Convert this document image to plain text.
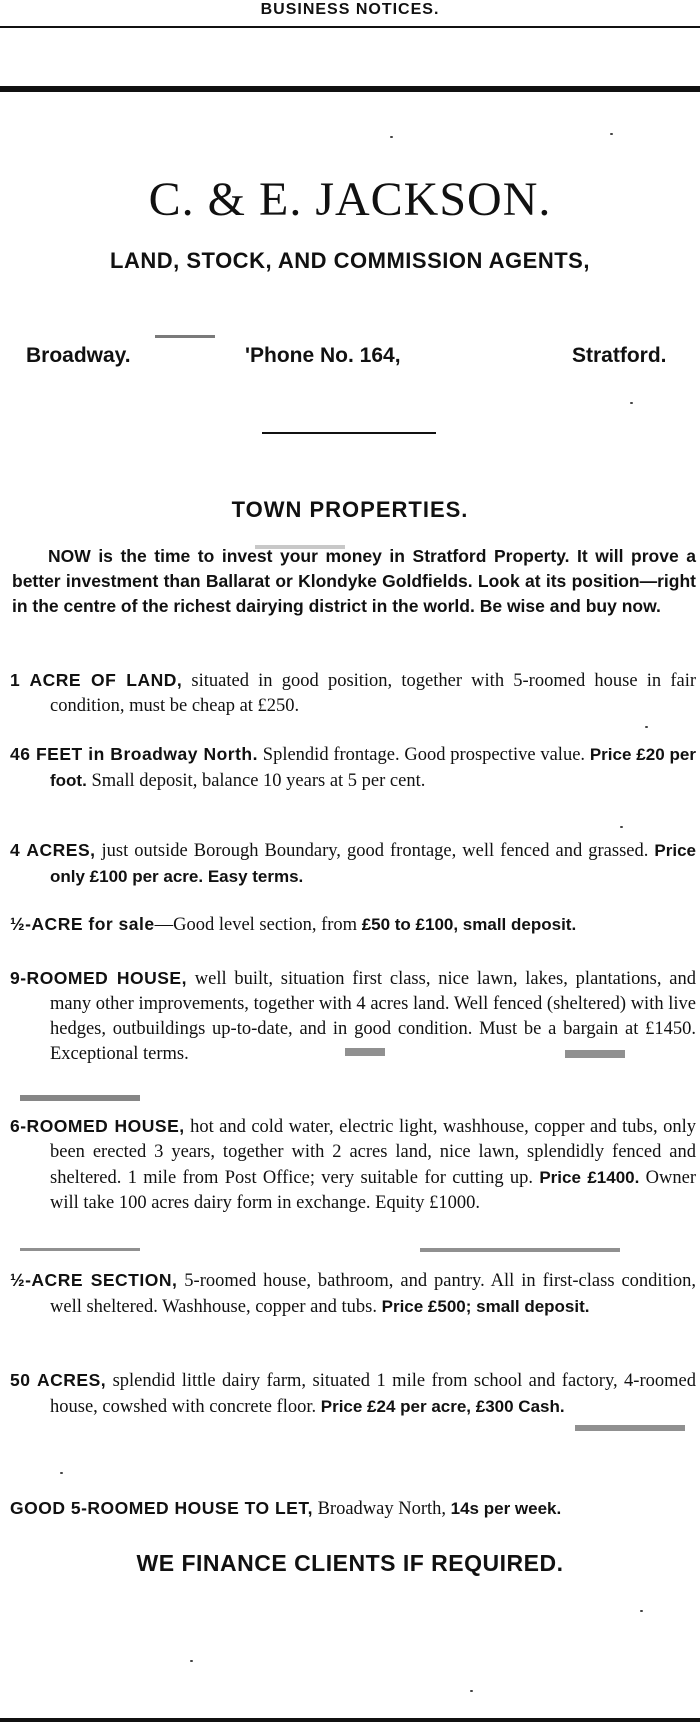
BUSINESS NOTICES.
C. & E. JACKSON.
LAND, STOCK, AND COMMISSION AGENTS,
Broadway.	'Phone No. 164,	Stratford.
TOWN PROPERTIES.

NOW is the time to invest your money in Stratford Property. It will prove a better investment than Ballarat or Klondyke Goldfields. Look at its position—right in the centre of the richest dairying district in the world. Be wise and buy now.

1 ACRE OF LAND, situated in good position, together with 5-roomed house in fair condition, must be cheap at £250.

46 FEET in Broadway North. Splendid frontage. Good prospective value. Price £20 per foot. Small deposit, balance 10 years at 5 per cent.

4 ACRES, just outside Borough Boundary, good frontage, well fenced and grassed. Price only £100 per acre. Easy terms.

½-ACRE for sale—Good level section, from £50 to £100, small deposit.

9-ROOMED HOUSE, well built, situation first class, nice lawn, lakes, plantations, and many other improvements, together with 4 acres land. Well fenced (sheltered) with live hedges, outbuildings up-to-date, and in good condition. Must be a bargain at £1450. Exceptional terms.

6-ROOMED HOUSE, hot and cold water, electric light, washhouse, copper and tubs, only been erected 3 years, together with 2 acres land, nice lawn, splendidly fenced and sheltered. 1 mile from Post Office; very suitable for cutting up. Price £1400. Owner will take 100 acres dairy form in exchange. Equity £1000.

½-ACRE SECTION, 5-roomed house, bathroom, and pantry. All in first-class condition, well sheltered. Washhouse, copper and tubs. Price £500; small deposit.

50 ACRES, splendid little dairy farm, situated 1 mile from school and factory, 4-roomed house, cowshed with concrete floor. Price £24 per acre, £300 Cash.

GOOD 5-ROOMED HOUSE TO LET, Broadway North, 14s per week.

WE FINANCE CLIENTS IF REQUIRED.
